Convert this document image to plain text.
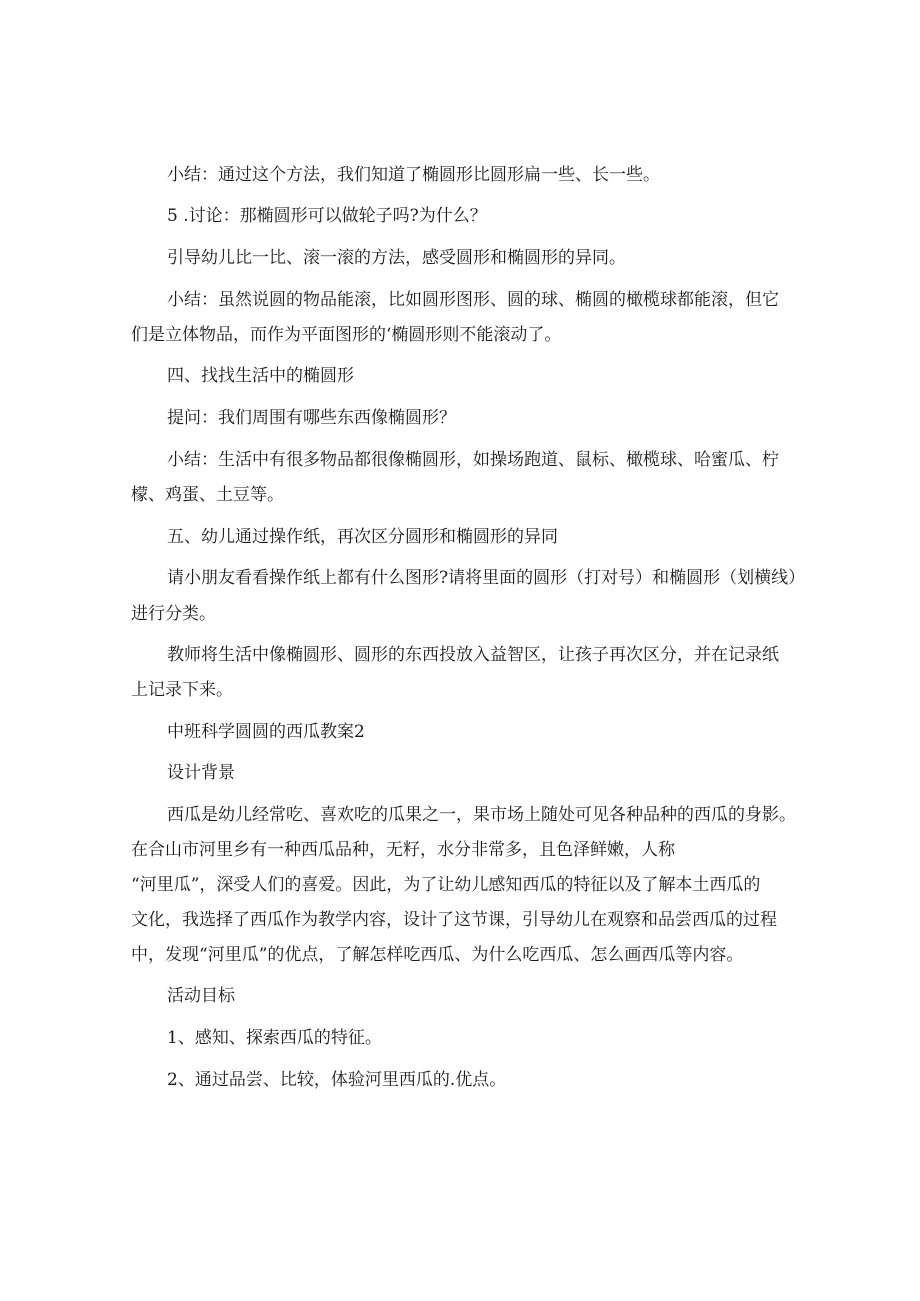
小结：通过这个方法，我们知道了椭圆形比圆形扁一些、长一些。
5 .讨论：那椭圆形可以做轮子吗?为什么？
引导幼儿比一比、滚一滚的方法，感受圆形和椭圆形的异同。
小结：虽然说圆的物品能滚，比如圆形图形、圆的球、椭圆的橄榄球都能滚，但它
们是立体物品，而作为平面图形的‘椭圆形则不能滚动了。
四、找找生活中的椭圆形
提问：我们周围有哪些东西像椭圆形？
小结：生活中有很多物品都很像椭圆形，如操场跑道、鼠标、橄榄球、哈蜜瓜、柠
檬、鸡蛋、土豆等。
五、幼儿通过操作纸，再次区分圆形和椭圆形的异同
请小朋友看看操作纸上都有什么图形?请将里面的圆形（打对号）和椭圆形（划横线）
进行分类。
教师将生活中像椭圆形、圆形的东西投放入益智区，让孩子再次区分，并在记录纸
上记录下来。
中班科学圆圆的西瓜教案2
设计背景
西瓜是幼儿经常吃、喜欢吃的瓜果之一，果市场上随处可见各种品种的西瓜的身影。
在合山市河里乡有一种西瓜品种，无籽，水分非常多，且色泽鲜嫩，人称
“河里瓜”，深受人们的喜爱。因此，为了让幼儿感知西瓜的特征以及了解本土西瓜的
文化，我选择了西瓜作为教学内容，设计了这节课，引导幼儿在观察和品尝西瓜的过程
中，发现“河里瓜”的优点，了解怎样吃西瓜、为什么吃西瓜、怎么画西瓜等内容。
活动目标
1、感知、探索西瓜的特征。
2、通过品尝、比较，体验河里西瓜的.优点。
